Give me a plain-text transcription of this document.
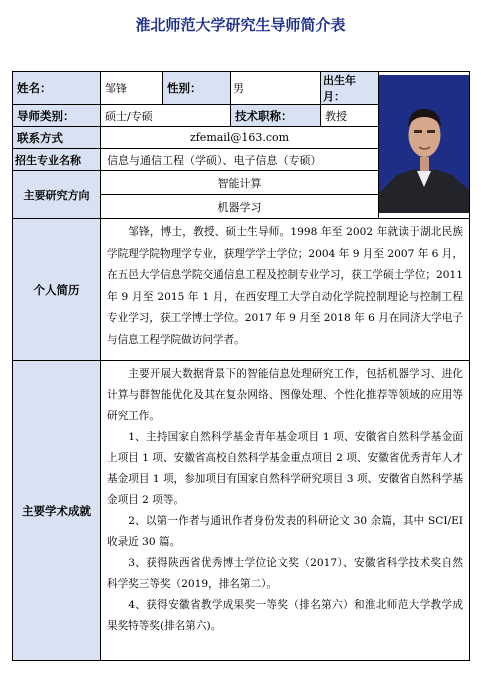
淮北师范大学研究生导师简介表
姓名：	邹锋	性别：	男	出生年月：	
导师类别：	硕士/专硕		技术职称：	教授	
联系方式	zfemail@163.com				
招生专业名称	信息与通信工程（学硕）、电子信息（专硕）				
主要研究方向	智能计算				
	机器学习				
个人简历	邹锋，博士，教授、硕士生导师。1998 年至 2002 年就读于湖北民族学院理学院物理学专业，获理学学士学位；2004 年 9 月至 2007 年 6 月，在五邑大学信息学院交通信息工程及控制专业学习，获工学硕士学位；2011 年 9 月至 2015 年 1 月，在西安理工大学自动化学院控制理论与控制工程专业学习，获工学博士学位。2017 年 9 月至 2018 年 6 月在同济大学电子与信息工程学院做访问学者。				

主要学术成就	主要开展大数据背景下的智能信息处理研究工作，包括机器学习、进化计算与群智能优化及其在复杂网络、图像处理、个性化推荐等领域的应用等研究工作。

1、主持国家自然科学基金青年基金项目 1 项、安徽省自然科学基金面上项目 1 项、安徽省高校自然科学基金重点项目 2 项、安徽省优秀青年人才基金项目 1 项，参加项目有国家自然科学研究项目 3 项、安徽省自然科学基金项目 2 项等。

2、以第一作者与通讯作者身份发表的科研论文 30 余篇，其中 SCI/EI 收录近 30 篇。

3、获得陕西省优秀博士学位论文奖（2017）、安徽省科学技术奖自然科学奖三等奖（2019，排名第二）。

4、获得安徽省教学成果奖一等奖（排名第六）和淮北师范大学教学成果奖特等奖(排名第六)。				
